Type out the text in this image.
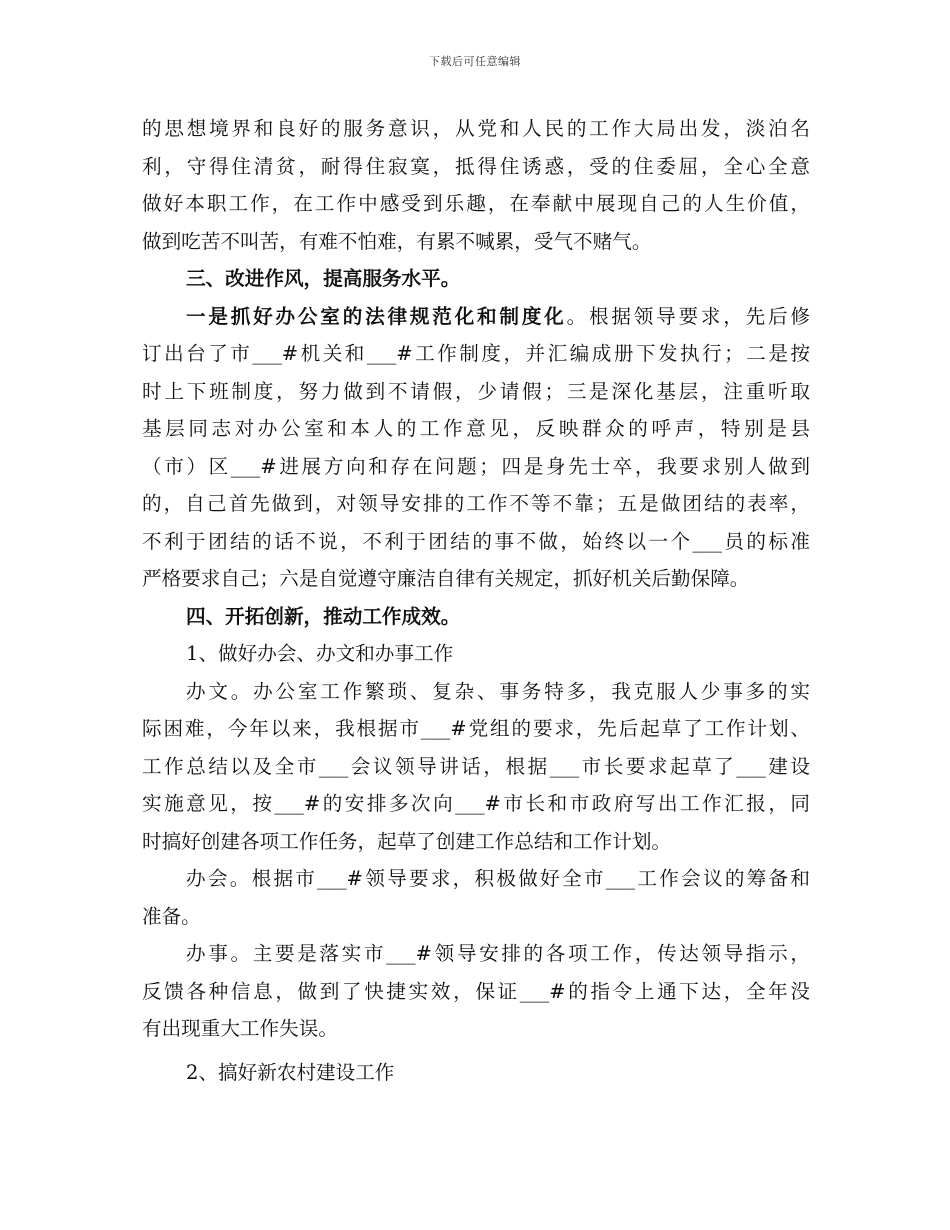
下载后可任意编辑
的思想境界和良好的服务意识，从党和人民的工作大局出发，淡泊名
利，守得住清贫，耐得住寂寞，抵得住诱惑，受的住委屈，全心全意
做好本职工作，在工作中感受到乐趣，在奉献中展现自己的人生价值，
做到吃苦不叫苦，有难不怕难，有累不喊累，受气不赌气。
三、改进作风，提高服务水平。
一是抓好办公室的法律规范化和制度化。根据领导要求，先后修
订出台了市___#机关和___#工作制度，并汇编成册下发执行；二是按
时上下班制度，努力做到不请假，少请假；三是深化基层，注重听取
基层同志对办公室和本人的工作意见，反映群众的呼声，特别是县
（市）区___#进展方向和存在问题；四是身先士卒，我要求别人做到
的，自己首先做到，对领导安排的工作不等不靠；五是做团结的表率，
不利于团结的话不说，不利于团结的事不做，始终以一个___员的标准
严格要求自己；六是自觉遵守廉洁自律有关规定，抓好机关后勤保障。
四、开拓创新，推动工作成效。
1、做好办会、办文和办事工作
办文。办公室工作繁琐、复杂、事务特多，我克服人少事多的实
际困难，今年以来，我根据市___#党组的要求，先后起草了工作计划、
工作总结以及全市___会议领导讲话，根据___市长要求起草了___建设
实施意见，按___#的安排多次向___#市长和市政府写出工作汇报，同
时搞好创建各项工作任务，起草了创建工作总结和工作计划。
办会。根据市___#领导要求，积极做好全市___工作会议的筹备和
准备。
办事。主要是落实市___#领导安排的各项工作，传达领导指示，
反馈各种信息，做到了快捷实效，保证___#的指令上通下达，全年没
有出现重大工作失误。
2、搞好新农村建设工作
